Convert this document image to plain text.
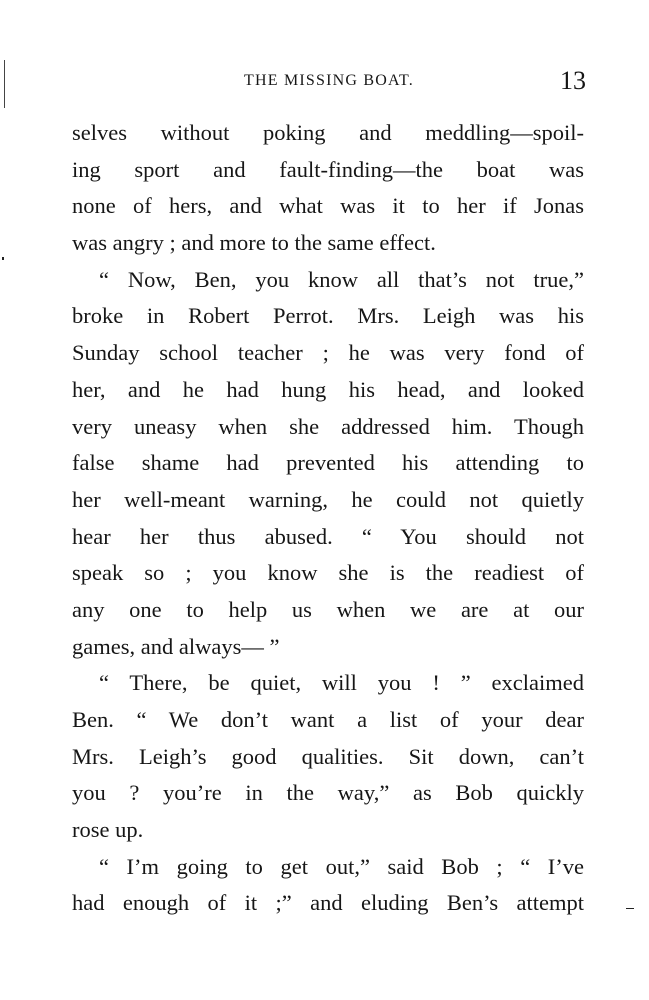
THE MISSING BOAT.	13
selves without poking and meddling—spoil-
ing sport and fault-finding—the boat was
none of hers, and what was it to her if Jonas
was angry ; and more to the same effect.
“ Now, Ben, you know all that’s not true,”
broke in Robert Perrot. Mrs. Leigh was his
Sunday school teacher ; he was very fond of
her, and he had hung his head, and looked
very uneasy when she addressed him. Though
false shame had prevented his attending to
her well-meant warning, he could not quietly
hear her thus abused. “ You should not
speak so ; you know she is the readiest of
any one to help us when we are at our
games, and always— ”
“ There, be quiet, will you ! ” exclaimed
Ben. “ We don’t want a list of your dear
Mrs. Leigh’s good qualities. Sit down, can’t
you ? you’re in the way,” as Bob quickly
rose up.
“ I’m going to get out,” said Bob ; “ I’ve
had enough of it ;” and eluding Ben’s attempt
